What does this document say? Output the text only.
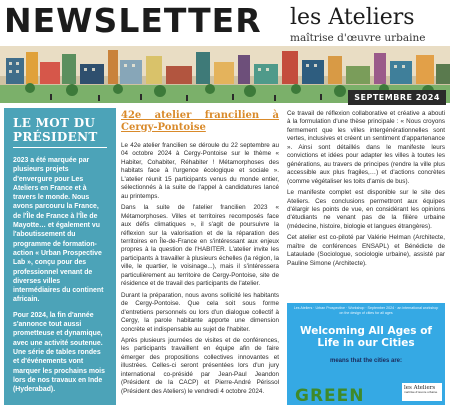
NEWSLETTER les Ateliers
maîtrise d'œuvre urbaine
SEPTEMBRE 2024
LE MOT DU PRÉSIDENT

2023 a été marquée par plusieurs projets d'envergure pour Les Ateliers en France et à travers le monde. Nous avons parcouru la France, de l'Île de France à l'Île de Mayotte… et également vu l'aboutissement du programme de formation-action « Urban Prospective Lab », conçu pour des professionnel venant de diverses villes intermédiaires du continent africain.

Pour 2024, la fin d'année s'annonce tout aussi prometteuse et dynamique, avec une activité soutenue. Une série de tables rondes et d'événements vont marquer les prochains mois lors de nos travaux en Inde (Hyderabad).

42e atelier francilien à Cergy-Pontoise

Le 42e atelier francilien se déroule du 22 septembre au 04 octobre 2024 à Cergy-Pontoise sur le thème « Habiter, Cohabiter, Réhabiter ! Métamorphoses des habitats face à l'urgence écologique et sociale ». L'atelier réunit 15 participants venus du monde entier, sélectionnés à la suite de l'appel à candidatures lancé au printemps.

Dans la suite de l'atelier francilien 2023 « Métamorphoses. Villes et territoires recomposés face aux défis climatiques », il s'agit de poursuivre la réflexion sur la valorisation et de la réparation des territoires en Île-de-France en s'intéressant aux enjeux propres à la question de l'HABITER. L'atelier invite les participants à travailler à plusieurs échelles (la région, la ville, le quartier, le voisinage...), mais il s'intéressera particulièrement au territoire de Cergy-Pontoise, site de résidence et de travail des participants de l'atelier.

Durant la préparation, nous avons sollicité les habitants de Cergy-Pontoise. Que cela soit sous forme d'entretiens personnels ou lors d'un dialogue collectif à Cergy, la parole habitante apporte une dimension concrète et indispensable au sujet de l'habiter.

Après plusieurs journées de visites et de conférences, les participants travaillent en équipe afin de faire émerger des propositions collectives innovantes et illustrées. Celles-ci seront présentées lors d'un jury international co-présidé par Jean-Paul Jeandon (Président de la CACP) et Pierre-André Périssol (Président des Ateliers) le vendredi 4 octobre 2024.

Ce travail de réflexion collaborative et créative a abouti à la formulation d'une thèse principale : « Nous croyons fermement que les villes intergénérationnelles sont vertes, inclusives et créent un sentiment d'appartenance ». Ainsi sont détaillés dans le manifeste leurs convictions et idées pour adapter les villes à toutes les générations, au travers de principes (rendre la ville plus accessible aux plus fragiles,…) et d'actions concrètes (comme végétaliser les toits d'amis de bus).

Le manifeste complet est disponible sur le site des Ateliers. Ces conclusions permettront aux équipes d'élargir les points de vue, en considérant les opinions d'étudiants ne venant pas de la filière urbaine (médecine, histoire, biologie et langues étrangères).

Cet atelier est co-piloté par Valérie Helman (Architecte, maître de conférences ENSAPL) et Bénédicte de Lataulade (Sociologue, sociologie urbaine), assisté par Pauline Simone (Architecte).

Les Ateliers · Urban Prospective · Workshop · September 2024 · an international workshop on the design of cities for all ages
Welcoming All Ages of Life in our Cities
means that the cities are:
GREEN	les Ateliers
maîtrise d'œuvre urbaine
